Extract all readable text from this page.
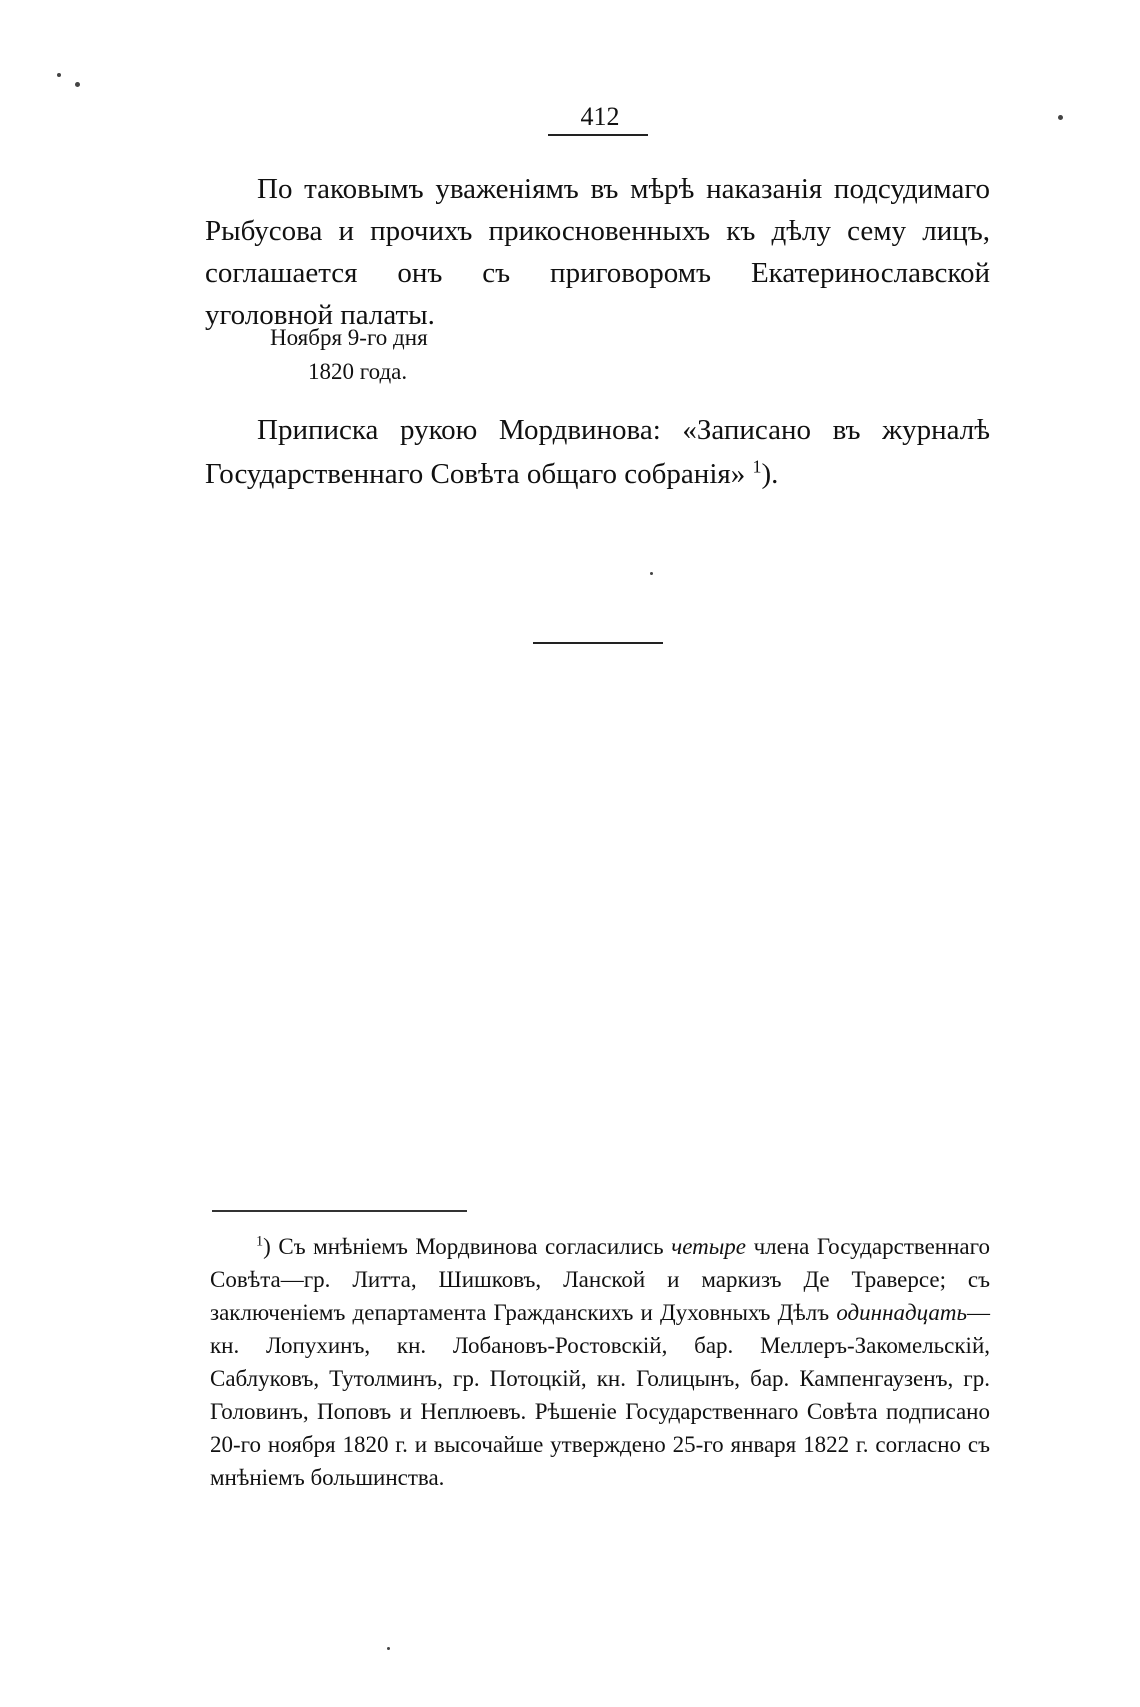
412

По таковымъ уваженіямъ въ мѣрѣ наказанія подсудимаго Рыбусова и прочихъ прикосновенныхъ къ дѣлу сему лицъ, соглашается онъ съ приговоромъ Екатеринославской уголовной палаты.

Ноября 9-го дня

1820 года.

Приписка рукою Мордвинова: «Записано въ журналѣ Государственнаго Совѣта общаго собранія» $^1$).

$^1$) Съ мнѣніемъ Мордвинова согласились четыре члена Государственнаго Совѣта—гр. Литта, Шишковъ, Ланской и маркизъ Де Траверсе; съ заключеніемъ департамента Гражданскихъ и Духовныхъ Дѣлъ одиннадцать—кн. Лопухинъ, кн. Лобановъ-Ростовскій, бар. Меллеръ-Закомельскій, Саблуковъ, Тутолминъ, гр. Потоцкій, кн. Голицынъ, бар. Кампенгаузенъ, гр. Головинъ, Поповъ и Неплюевъ. Рѣшеніе Государственнаго Совѣта подписано 20-го ноября 1820 г. и высочайше утверждено 25-го января 1822 г. согласно съ мнѣніемъ большинства.
